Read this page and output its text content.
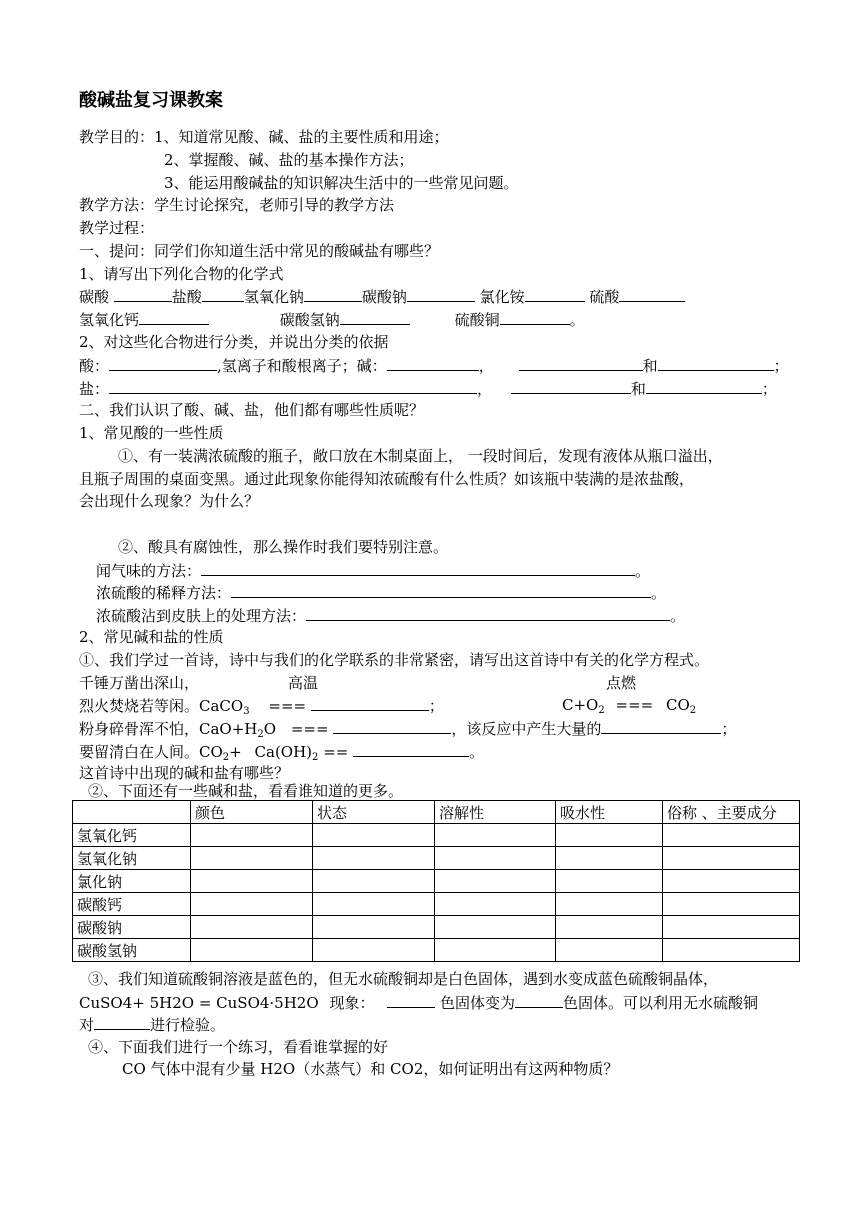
酸碱盐复习课教案
教学目的：1、知道常见酸、碱、盐的主要性质和用途；
2、掌握酸、碱、盐的基本操作方法；
3、能运用酸碱盐的知识解决生活中的一些常见问题。
教学方法：学生讨论探究，老师引导的教学方法
教学过程：
一、提问：同学们你知道生活中常见的酸碱盐有哪些？
1、请写出下列化合物的化学式
碳酸	盐酸	氢氧化钠	碳酸钠	氯化铵	硫酸
氢氧化钙	碳酸氢钠	硫酸铜	。
2、对这些化合物进行分类，并说出分类的依据
酸：	,氢离子和酸根离子；碱：	，	和	；
盐：	，	和	；
二、我们认识了酸、碱、盐，他们都有哪些性质呢？
1、常见酸的一些性质
①、有一装满浓硫酸的瓶子，敞口放在木制桌面上， 一段时间后，发现有液体从瓶口溢出，
且瓶子周围的桌面变黑。通过此现象你能得知浓硫酸有什么性质？如该瓶中装满的是浓盐酸，
会出现什么现象？为什么？
②、酸具有腐蚀性，那么操作时我们要特别注意。
闻气味的方法：	。
浓硫酸的稀释方法：	。
浓硫酸沾到皮肤上的处理方法：	。
2、常见碱和盐的性质
①、我们学过一首诗，诗中与我们的化学联系的非常紧密，请写出这首诗中有关的化学方程式。
千锤万凿出深山，	高温	点燃
烈火焚烧若等闲。CaCO$_3$ ===	；	$C+O_2$ === $CO_2$
粉身碎骨浑不怕，$CaO+H_2O$ ===	，该反应中产生大量的	；
要留清白在人间。$CO_2+ Ca(OH)_2$ ==	。
这首诗中出现的碱和盐有哪些？
②、下面还有一些碱和盐，看看谁知道的更多。
	颜色	状态	溶解性	吸水性	俗称 、主要成分
氢氧化钙					
氢氧化钠					
氯化钠					
碳酸钙					
碳酸钠					
碳酸氢钠					
③、我们知道硫酸铜溶液是蓝色的，但无水硫酸铜却是白色固体，遇到水变成蓝色硫酸铜晶体，
CuSO4+ 5H2O = CuSO4·5H2O 现象：	色固体变为	色固体。可以利用无水硫酸铜
对	进行检验。
④、下面我们进行一个练习，看看谁掌握的好
CO 气体中混有少量 H2O（水蒸气）和 CO2，如何证明出有这两种物质？
